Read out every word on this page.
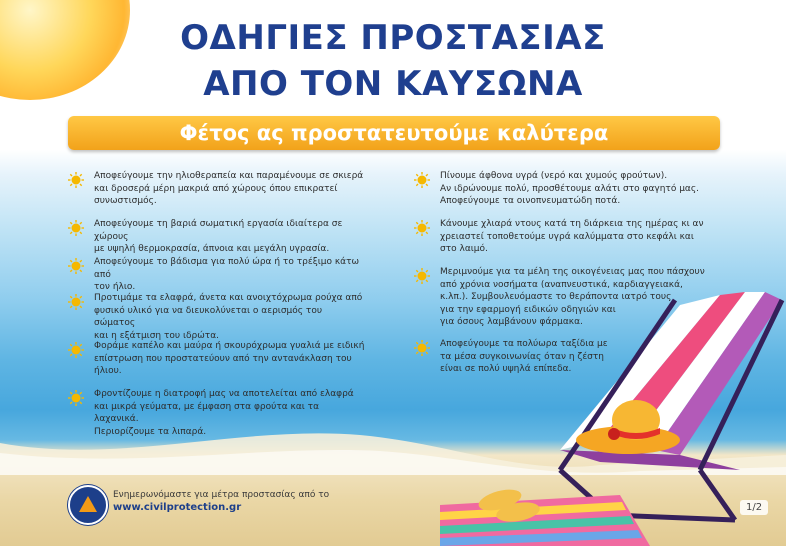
ΟΔΗΓΙΕΣ ΠΡΟΣΤΑΣΙΑΣ
ΑΠΟ ΤΟΝ ΚΑΥΣΩΝΑ
Φέτος ας προστατευτούμε καλύτερα
Αποφεύγουμε την ηλιοθεραπεία και παραμένουμε σε σκιερά
και δροσερά μέρη μακριά από χώρους όπου επικρατεί
συνωστισμός.
Αποφεύγουμε τη βαριά σωματική εργασία ιδιαίτερα σε χώρους
με υψηλή θερμοκρασία, άπνοια και μεγάλη υγρασία.
Αποφεύγουμε το βάδισμα για πολύ ώρα ή το τρέξιμο κάτω από
τον ήλιο.
Προτιμάμε τα ελαφρά, άνετα και ανοιχτόχρωμα ρούχα από
φυσικό υλικό για να διευκολύνεται ο αερισμός του σώματος
και η εξάτμιση του ιδρώτα.
Φοράμε καπέλο και μαύρα ή σκουρόχρωμα γυαλιά με ειδική
επίστρωση που προστατεύουν από την αντανάκλαση του
ήλιου.
Φροντίζουμε η διατροφή μας να αποτελείται από ελαφρά
και μικρά γεύματα, με έμφαση στα φρούτα και τα λαχανικά.
Περιορίζουμε τα λιπαρά.
Πίνουμε άφθονα υγρά (νερό και χυμούς φρούτων).
Αν ιδρώνουμε πολύ, προσθέτουμε αλάτι στο φαγητό μας.
Αποφεύγουμε τα οινοπνευματώδη ποτά.
Κάνουμε χλιαρά ντους κατά τη διάρκεια της ημέρας κι αν
χρειαστεί τοποθετούμε υγρά καλύμματα στο κεφάλι και
στο λαιμό.
Μεριμνούμε για τα μέλη της οικογένειας μας που πάσχουν
από χρόνια νοσήματα (αναπνευστικά, καρδιαγγειακά,
κ.λπ.). Συμβουλευόμαστε το θεράποντα ιατρό τους
για την εφαρμογή ειδικών οδηγιών και
για όσους λαμβάνουν φάρμακα.
Αποφεύγουμε τα πολύωρα ταξίδια με
τα μέσα συγκοινωνίας όταν η ζέστη
είναι σε πολύ υψηλά επίπεδα.
Ενημερωνόμαστε για μέτρα προστασίας από το
www.civilprotection.gr	1/2
